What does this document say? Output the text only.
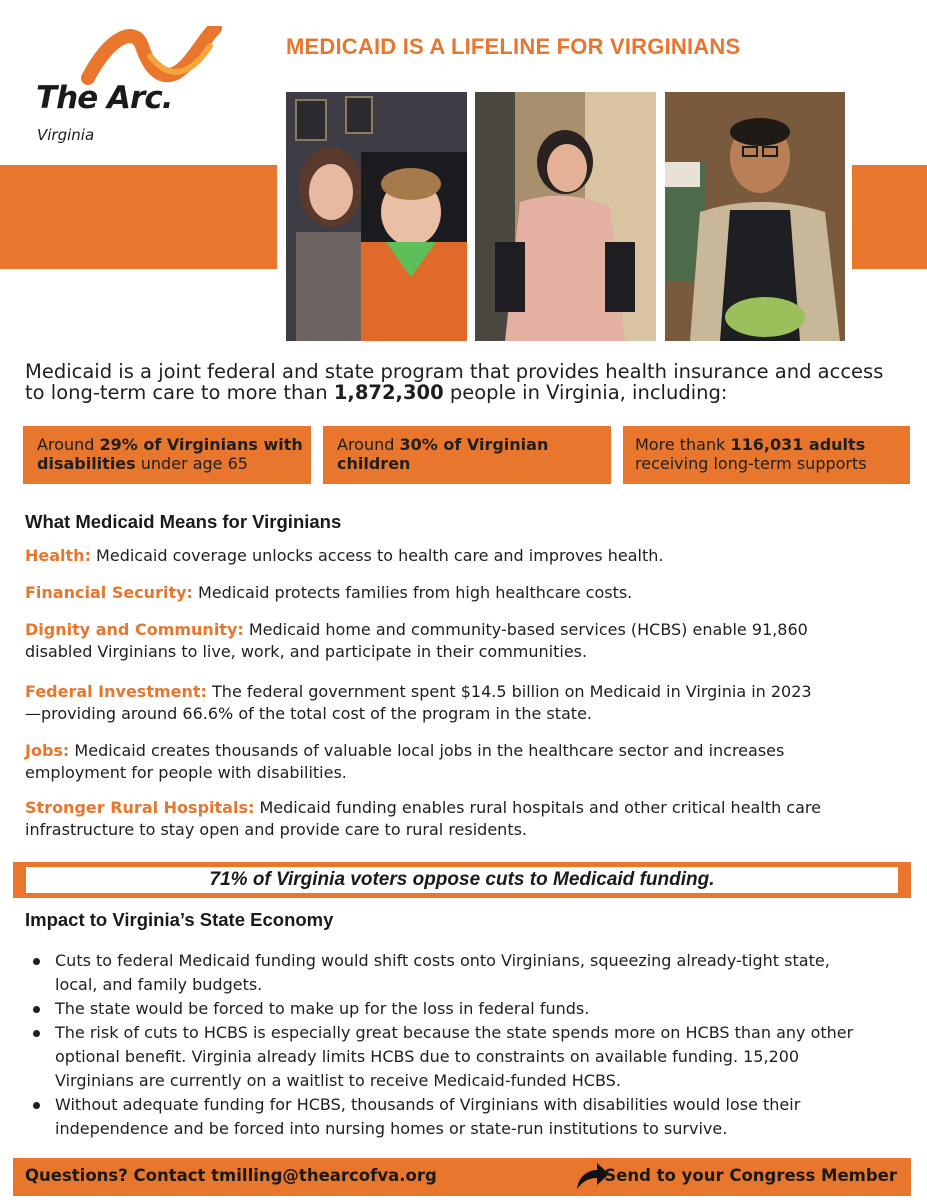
The Arc.
Virginia
MEDICAID IS A LIFELINE FOR VIRGINIANS
Medicaid is a joint federal and state program that provides health insurance and access to long-term care to more than 1,872,300 people in Virginia, including:
Around 29% of Virginians with disabilities under age 65
Around 30% of Virginian children
More thank 116,031 adults receiving long-term supports
What Medicaid Means for Virginians
Health: Medicaid coverage unlocks access to health care and improves health.
Financial Security: Medicaid protects families from high healthcare costs.
Dignity and Community: Medicaid home and community-based services (HCBS) enable 91,860 disabled Virginians to live, work, and participate in their communities.
Federal Investment: The federal government spent $14.5 billion on Medicaid in Virginia in 2023—providing around 66.6% of the total cost of the program in the state.
Jobs: Medicaid creates thousands of valuable local jobs in the healthcare sector and increases employment for people with disabilities.
Stronger Rural Hospitals: Medicaid funding enables rural hospitals and other critical health care infrastructure to stay open and provide care to rural residents.
71% of Virginia voters oppose cuts to Medicaid funding.
Impact to Virginia’s State Economy
Cuts to federal Medicaid funding would shift costs onto Virginians, squeezing already-tight state, local, and family budgets.
The state would be forced to make up for the loss in federal funds.
The risk of cuts to HCBS is especially great because the state spends more on HCBS than any other optional benefit. Virginia already limits HCBS due to constraints on available funding. 15,200 Virginians are currently on a waitlist to receive Medicaid-funded HCBS.
Without adequate funding for HCBS, thousands of Virginians with disabilities would lose their independence and be forced into nursing homes or state-run institutions to survive.
Questions? Contact tmilling@thearcofva.org	Send to your Congress Member
